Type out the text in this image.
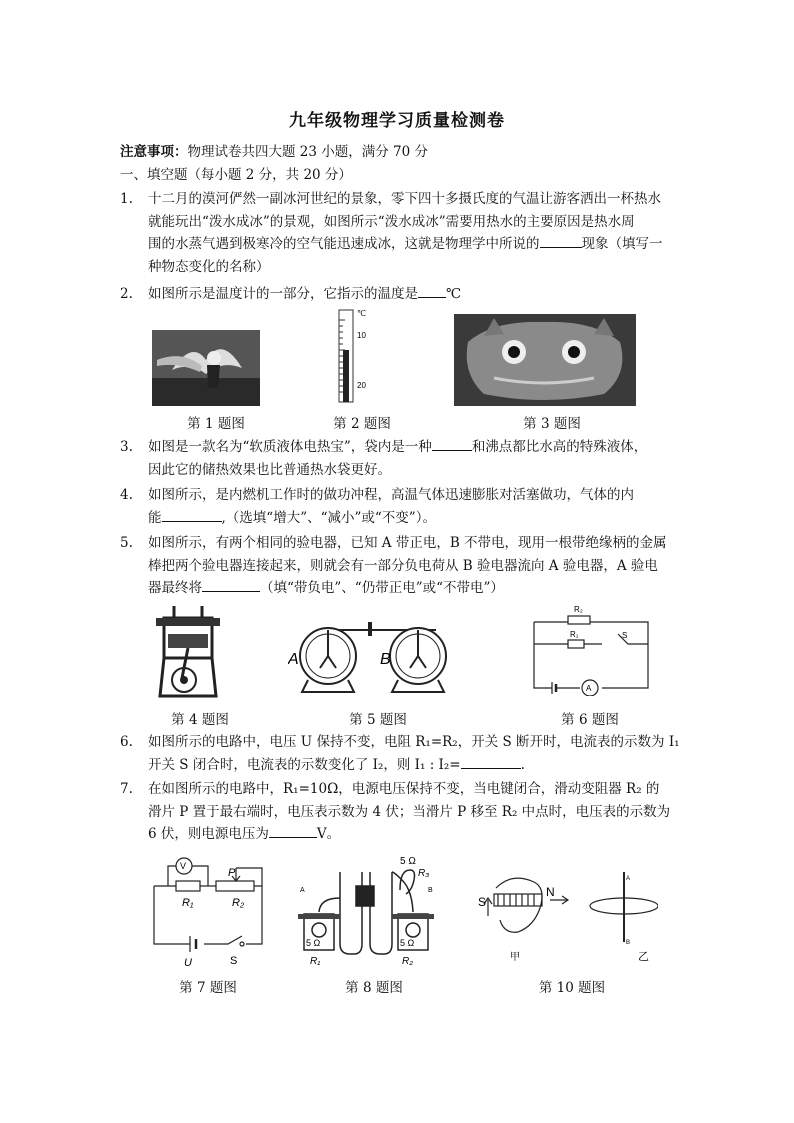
九年级物理学习质量检测卷
注意事项：物理试卷共四大题 23 小题，满分 70 分
一、填空题（每小题 2 分，共 20 分）
1.	十二月的漠河俨然一副冰河世纪的景象，零下四十多摄氏度的气温让游客洒出一杯热水
就能玩出“泼水成冰”的景观，如图所示“泼水成冰”需要用热水的主要原因是热水周
围的水蒸气遇到极寒冷的空气能迅速成冰，这就是物理学中所说的	现象（填写一
种物态变化的名称）
2.	如图所示是温度计的一部分，它指示的温度是 ℃
℃
10
20
第 1 题图	第 2 题图	第 3 题图
3.	如图是一款名为“软质液体电热宝”，袋内是一种	和沸点都比水高的特殊液体，
因此它的储热效果也比普通热水袋更好。
4.	如图所示，是内燃机工作时的做功冲程，高温气体迅速膨胀对活塞做功，气体的内
能	,（选填“增大”、“减小”或“不变”）。
5.	如图所示，有两个相同的验电器，已知 A 带正电，B 不带电，现用一根带绝缘柄的金属
棒把两个验电器连接起来，则就会有一部分负电荷从 B 验电器流向 A 验电器，A 验电
器最终将	（填“带负电”、“仍带正电”或“不带电”）
A	B
R₂
R₁	S
A
第 4 题图	第 5 题图	第 6 题图
6.	如图所示的电路中，电压 U 保持不变，电阻 R₁=R₂，开关 S 断开时，电流表的示数为 I₁
开关 S 闭合时，电流表的示数变化了 I₂，则 I₁ : I₂=	.
7.	在如图所示的电路中，R₁=10Ω，电源电压保持不变，当电键闭合，滑动变阻器 R₂ 的
滑片 P 置于最右端时，电压表示数为 4 伏；当滑片 P 移至 R₂ 中点时，电压表的示数为
6 伏，则电源电压为	V。
V
P
R₁	R₂
U	S
5 Ω
R₃
A	B
5 Ω	5 Ω
R₁	R₂
S
N
甲	乙
A
B
第 7 题图	第 8 题图	第 10 题图
